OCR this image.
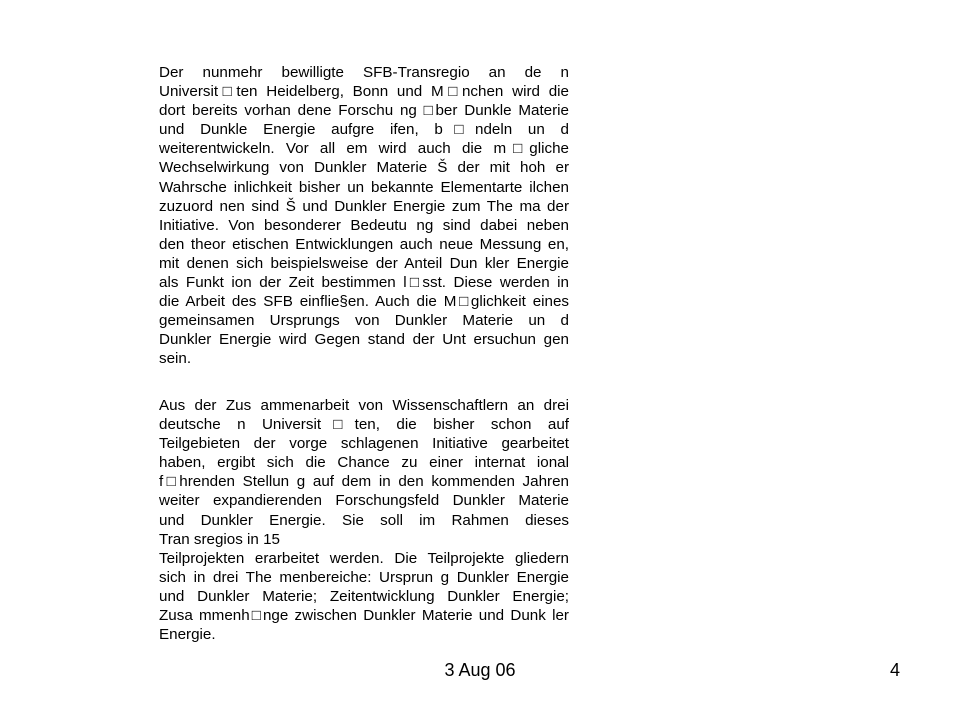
Der nunmehr bewilligte SFB-Transregio an de n
Universit□ten Heidelberg, Bonn und M□nchen wird die
dort bereits vorhan dene Forschu ng □ber Dunkle Materie
und Dunkle Energie aufgre ifen, b□ndeln un d
weiterentwickeln. Vor all em wird auch die m□gliche
Wechselwirkung von Dunkler Materie Š der mit hoh er
Wahrsche inlichkeit bisher un bekannte Elementarte ilchen
zuzuord nen sind Š und Dunkler Energie zum The ma der
Initiative. Von besonderer Bedeutu ng sind dabei neben
den theor etischen Entwicklungen auch neue Messung en,
mit denen sich beispielsweise der Anteil Dun kler Energie
als Funkt ion der Zeit bestimmen l□sst. Diese werden in
die Arbeit des SFB einflie§en. Auch die M□glichkeit eines
gemeinsamen Ursprungs von Dunkler Materie un d
Dunkler Energie wird Gegen stand der Unt ersuchun gen
sein.
Aus der Zus ammenarbeit von Wissenschaftlern an drei
deutsche n Universit□ten, die bisher schon auf
Teilgebieten der vorge schlagenen Initiative gearbeitet
haben, ergibt sich die Chance zu einer internat ional
f□hrenden Stellun g auf dem in den kommenden Jahren
weiter expandierenden Forschungsfeld Dunkler Materie
und Dunkler Energie. Sie soll im Rahmen dieses
Tran sregios in 15
Teilprojekten erarbeitet werden. Die Teilprojekte gliedern
sich in drei The menbereiche: Ursprun g Dunkler Energie
und Dunkler Materie; Zeitentwicklung Dunkler Energie;
Zusa mmenh□nge zwischen Dunkler Materie und Dunk ler
Energie.
3 Aug 06	4
